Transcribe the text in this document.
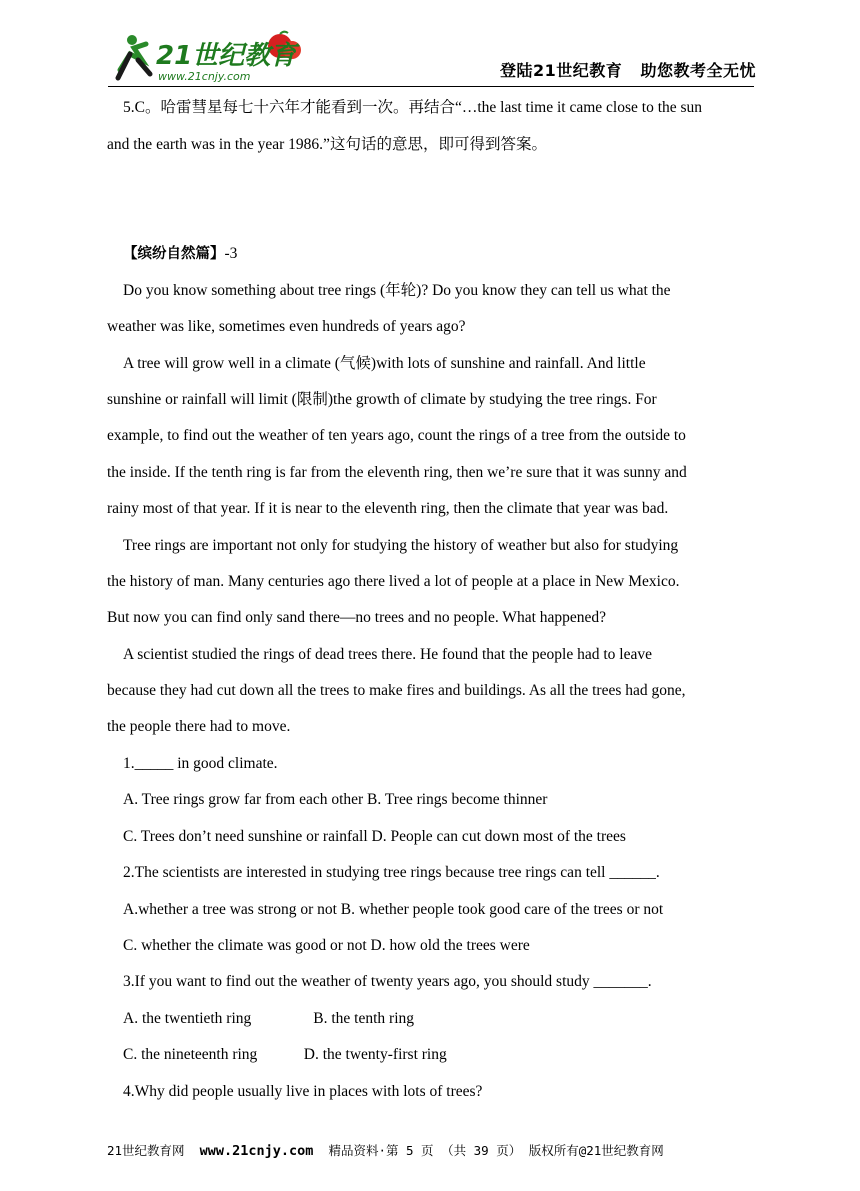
21世纪教育
www.21cnjy.com	登陆21世纪教育   助您教考全无忧
5.C。哈雷彗星每七十六年才能看到一次。再结合“…the last time it came close to the sun
and the earth was in the year 1986.”这句话的意思，即可得到答案。
【缤纷自然篇】-3
Do you know something about tree rings (年轮)? Do you know they can tell us what the
weather was like, sometimes even hundreds of years ago?
A tree will grow well in a climate (气候)with lots of sunshine and rainfall. And little
sunshine or rainfall will limit (限制)the growth of climate by studying the tree rings. For
example, to find out the weather of ten years ago, count the rings of a tree from the outside to
the inside. If the tenth ring is far from the eleventh ring, then we’re sure that it was sunny and
rainy most of that year. If it is near to the eleventh ring, then the climate that year was bad.
Tree rings are important not only for studying the history of weather but also for studying
the history of man. Many centuries ago there lived a lot of people at a place in New Mexico.
But now you can find only sand there—no trees and no people. What happened?
A scientist studied the rings of dead trees there. He found that the people had to leave
because they had cut down all the trees to make fires and buildings. As all the trees had gone,
the people there had to move.
1._____ in good climate.
A. Tree rings grow far from each other B. Tree rings become thinner
C. Trees don’t need sunshine or rainfall D. People can cut down most of the trees
2.The scientists are interested in studying tree rings because tree rings can tell ______.
A.whether a tree was strong or not B. whether people took good care of the trees or not
C. whether the climate was good or not D. how old the trees were
3.If you want to find out the weather of twenty years ago, you should study _______.
A. the twentieth ring                B. the tenth ring
C. the nineteenth ring            D. the twenty-first ring
4.Why did people usually live in places with lots of trees?
21世纪教育网  www.21cnjy.com  精品资料·第 5 页 （共 39 页） 版权所有@21世纪教育网
